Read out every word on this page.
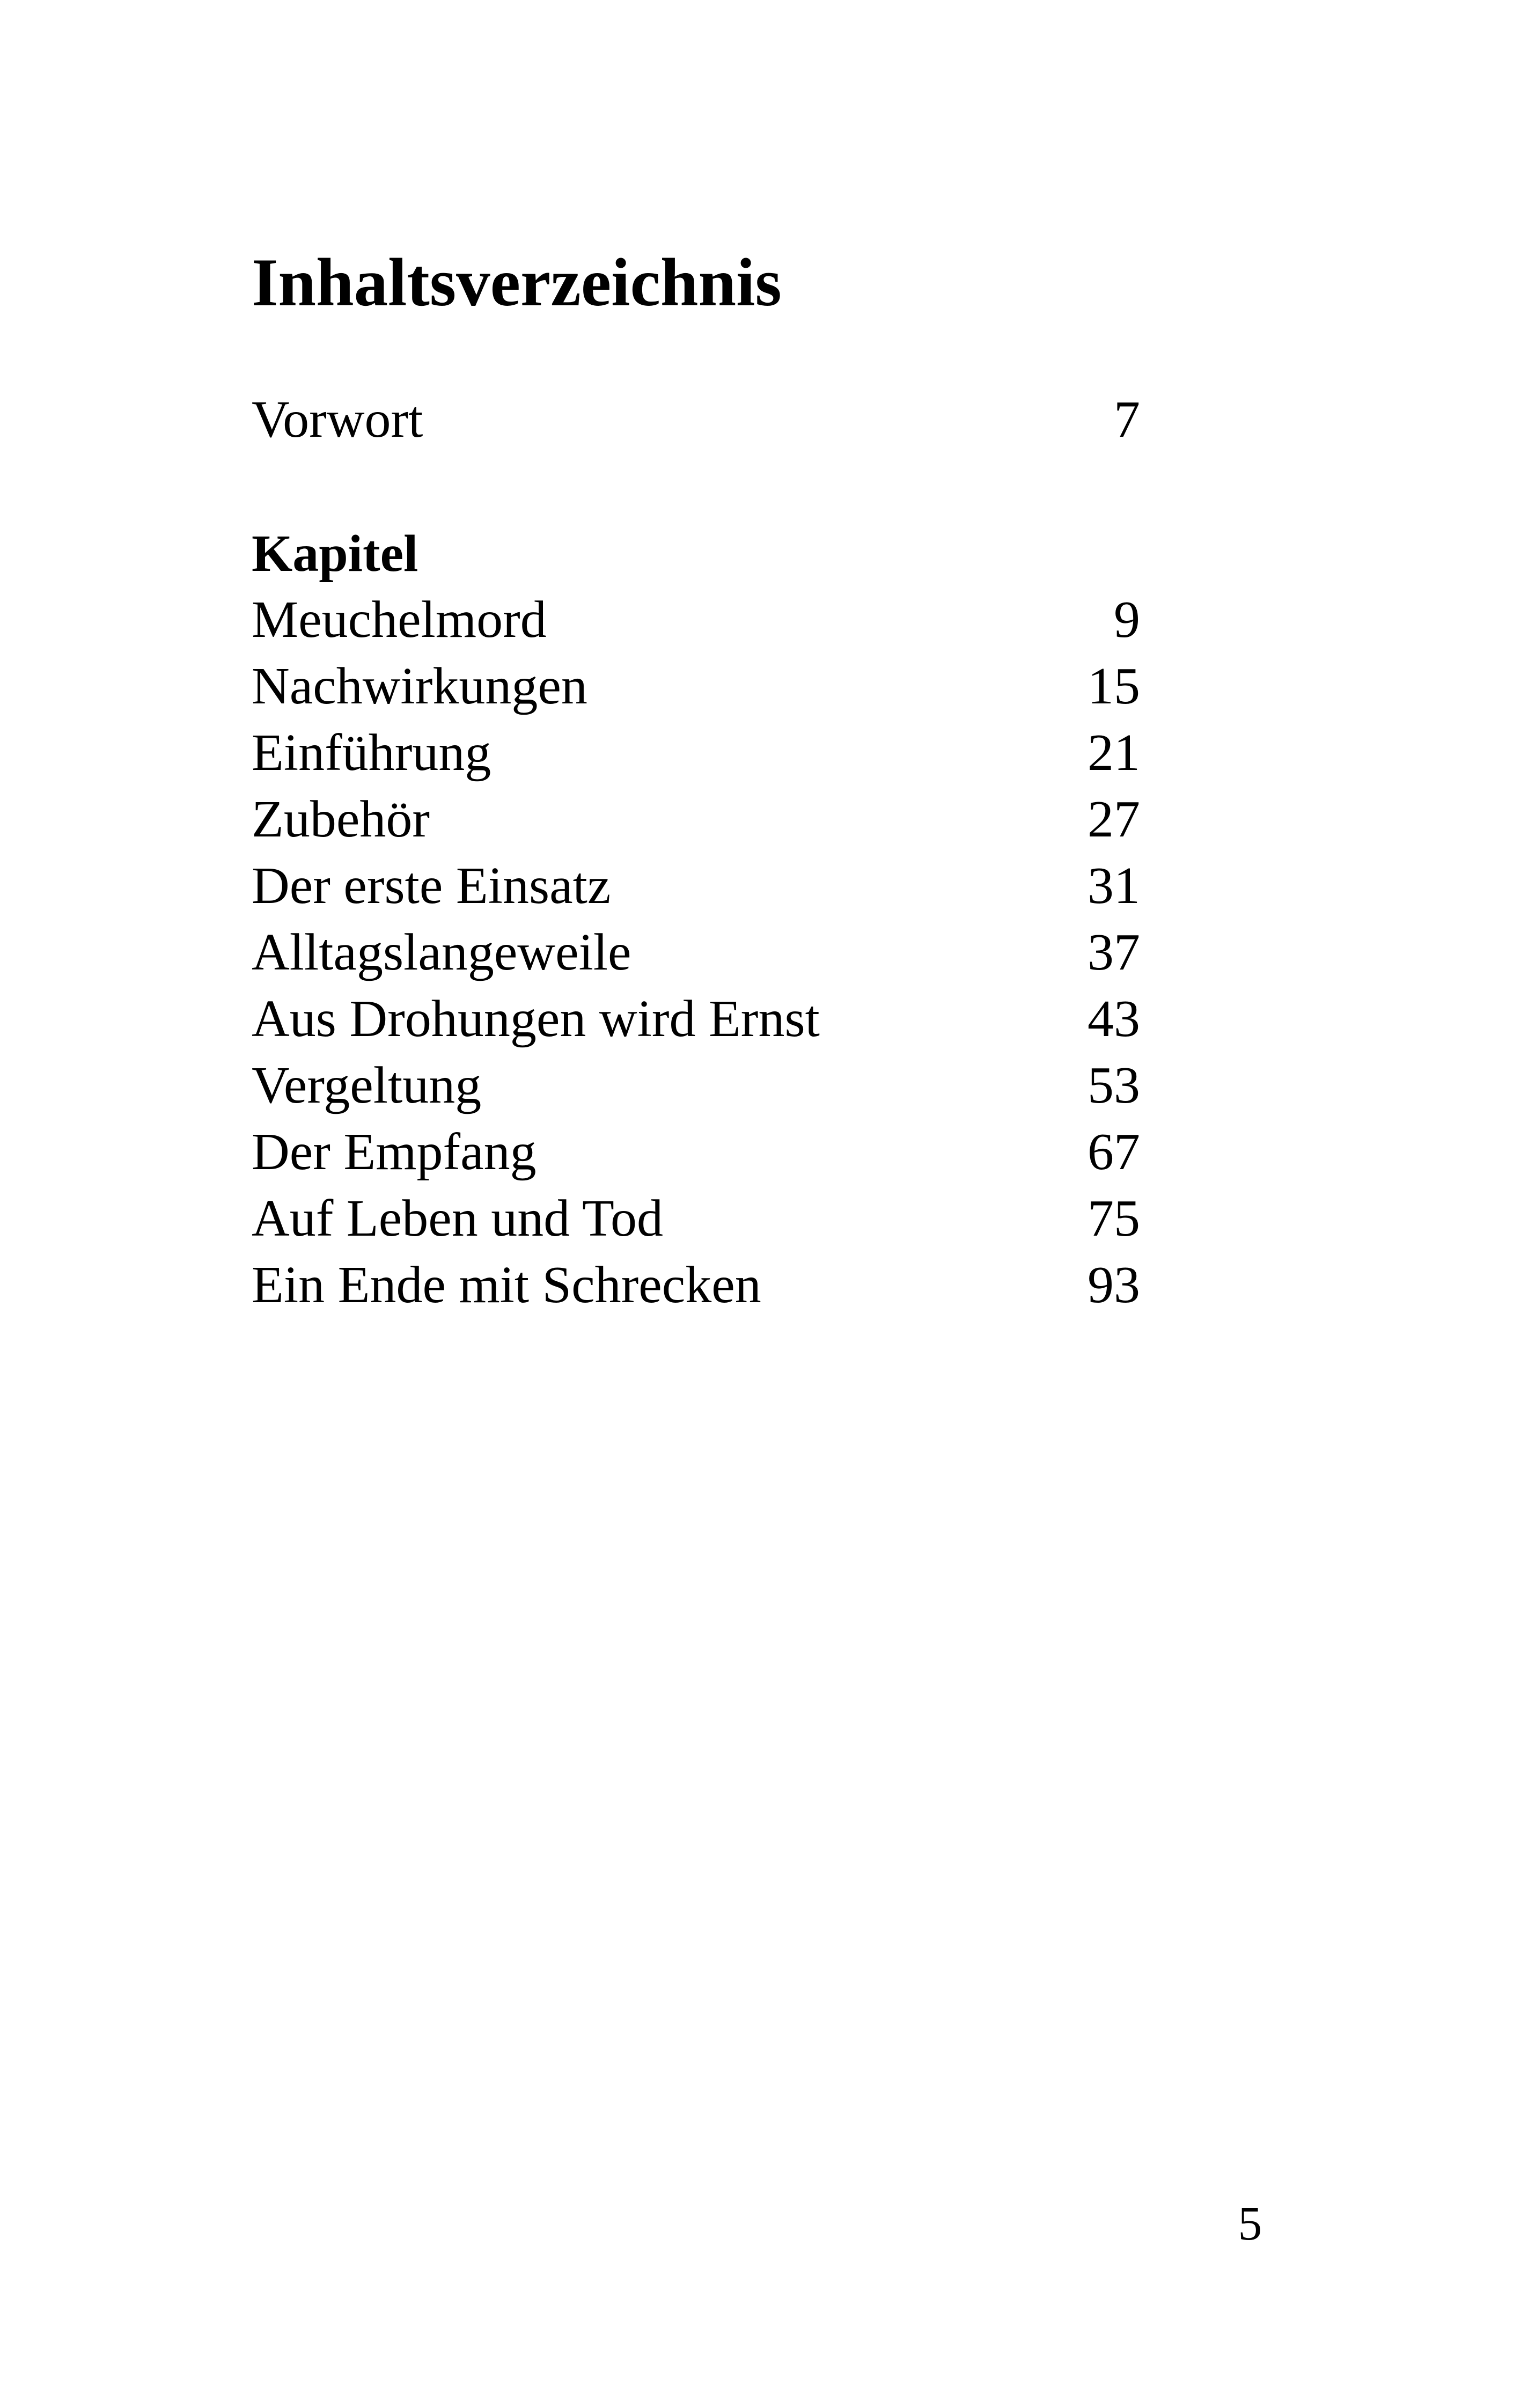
Inhaltsverzeichnis
Vorwort	7
Kapitel
Meuchelmord	9
Nachwirkungen	15
Einführung	21
Zubehör	27
Der erste Einsatz	31
Alltagslangeweile	37
Aus Drohungen wird Ernst	43
Vergeltung	53
Der Empfang	67
Auf Leben und Tod	75
Ein Ende mit Schrecken	93
5
